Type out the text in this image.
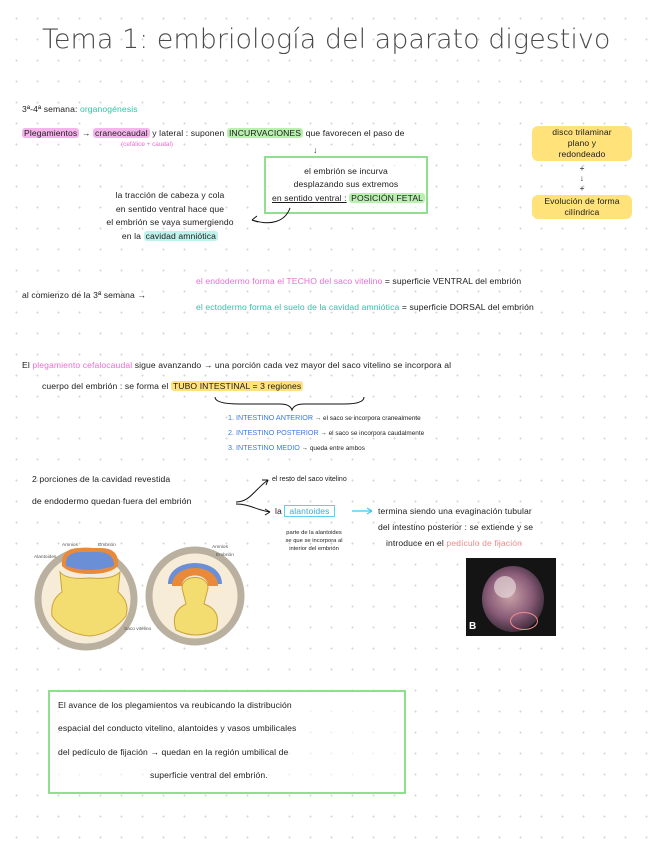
Tema 1: embriología del aparato digestivo
3ª-4ª semana: organogénesis
Plegamientos → craneocaudal y lateral : suponen INCURVACIONES que favorecen el paso de
(cefálico + caudal)
disco trilaminar
plano y
redondeado
+
↓
+
Evolución de forma
cilíndrica
↓
el embrión se incurva
desplazando sus extremos
en sentido ventral : POSICIÓN FETAL
la tracción de cabeza y cola
en sentido ventral hace que
el embrión se vaya sumergiendo
en la cavidad amniótica
al comienzo de la 3ª semana →
el endodermo forma el TECHO del saco vitelino = superficie VENTRAL del embrión
el ectodermo forma el suelo de la cavidad amniótica = superficie DORSAL del embrión
El plegamiento cefalocaudal sigue avanzando → una porción cada vez mayor del saco vitelino se incorpora al
cuerpo del embrión : se forma el TUBO INTESTINAL = 3 regiones
1. INTESTINO ANTERIOR → el saco se incorpora cranealmente
2. INTESTINO POSTERIOR → el saco se incorpora caudalmente
3. INTESTINO MEDIO → queda entre ambos
2 porciones de la cavidad revestida
de endodermo quedan fuera del embrión
el resto del saco vitelino
la alantoides
parte de la alantoides
se que se incorpora al
interior del embrión
termina siendo una evaginación tubular
del intestino posterior : se extiende y se
introduce en el pedículo de fijación
Amnios	Embrión
Alantoides
Saco vitelino
Amnios
Embrión
B
El avance de los plegamientos va reubicando la distribución
espacial del conducto vitelino, alantoides y vasos umbilicales
del pedículo de fijación → quedan en la región umbilical de
superficie ventral del embrión.
